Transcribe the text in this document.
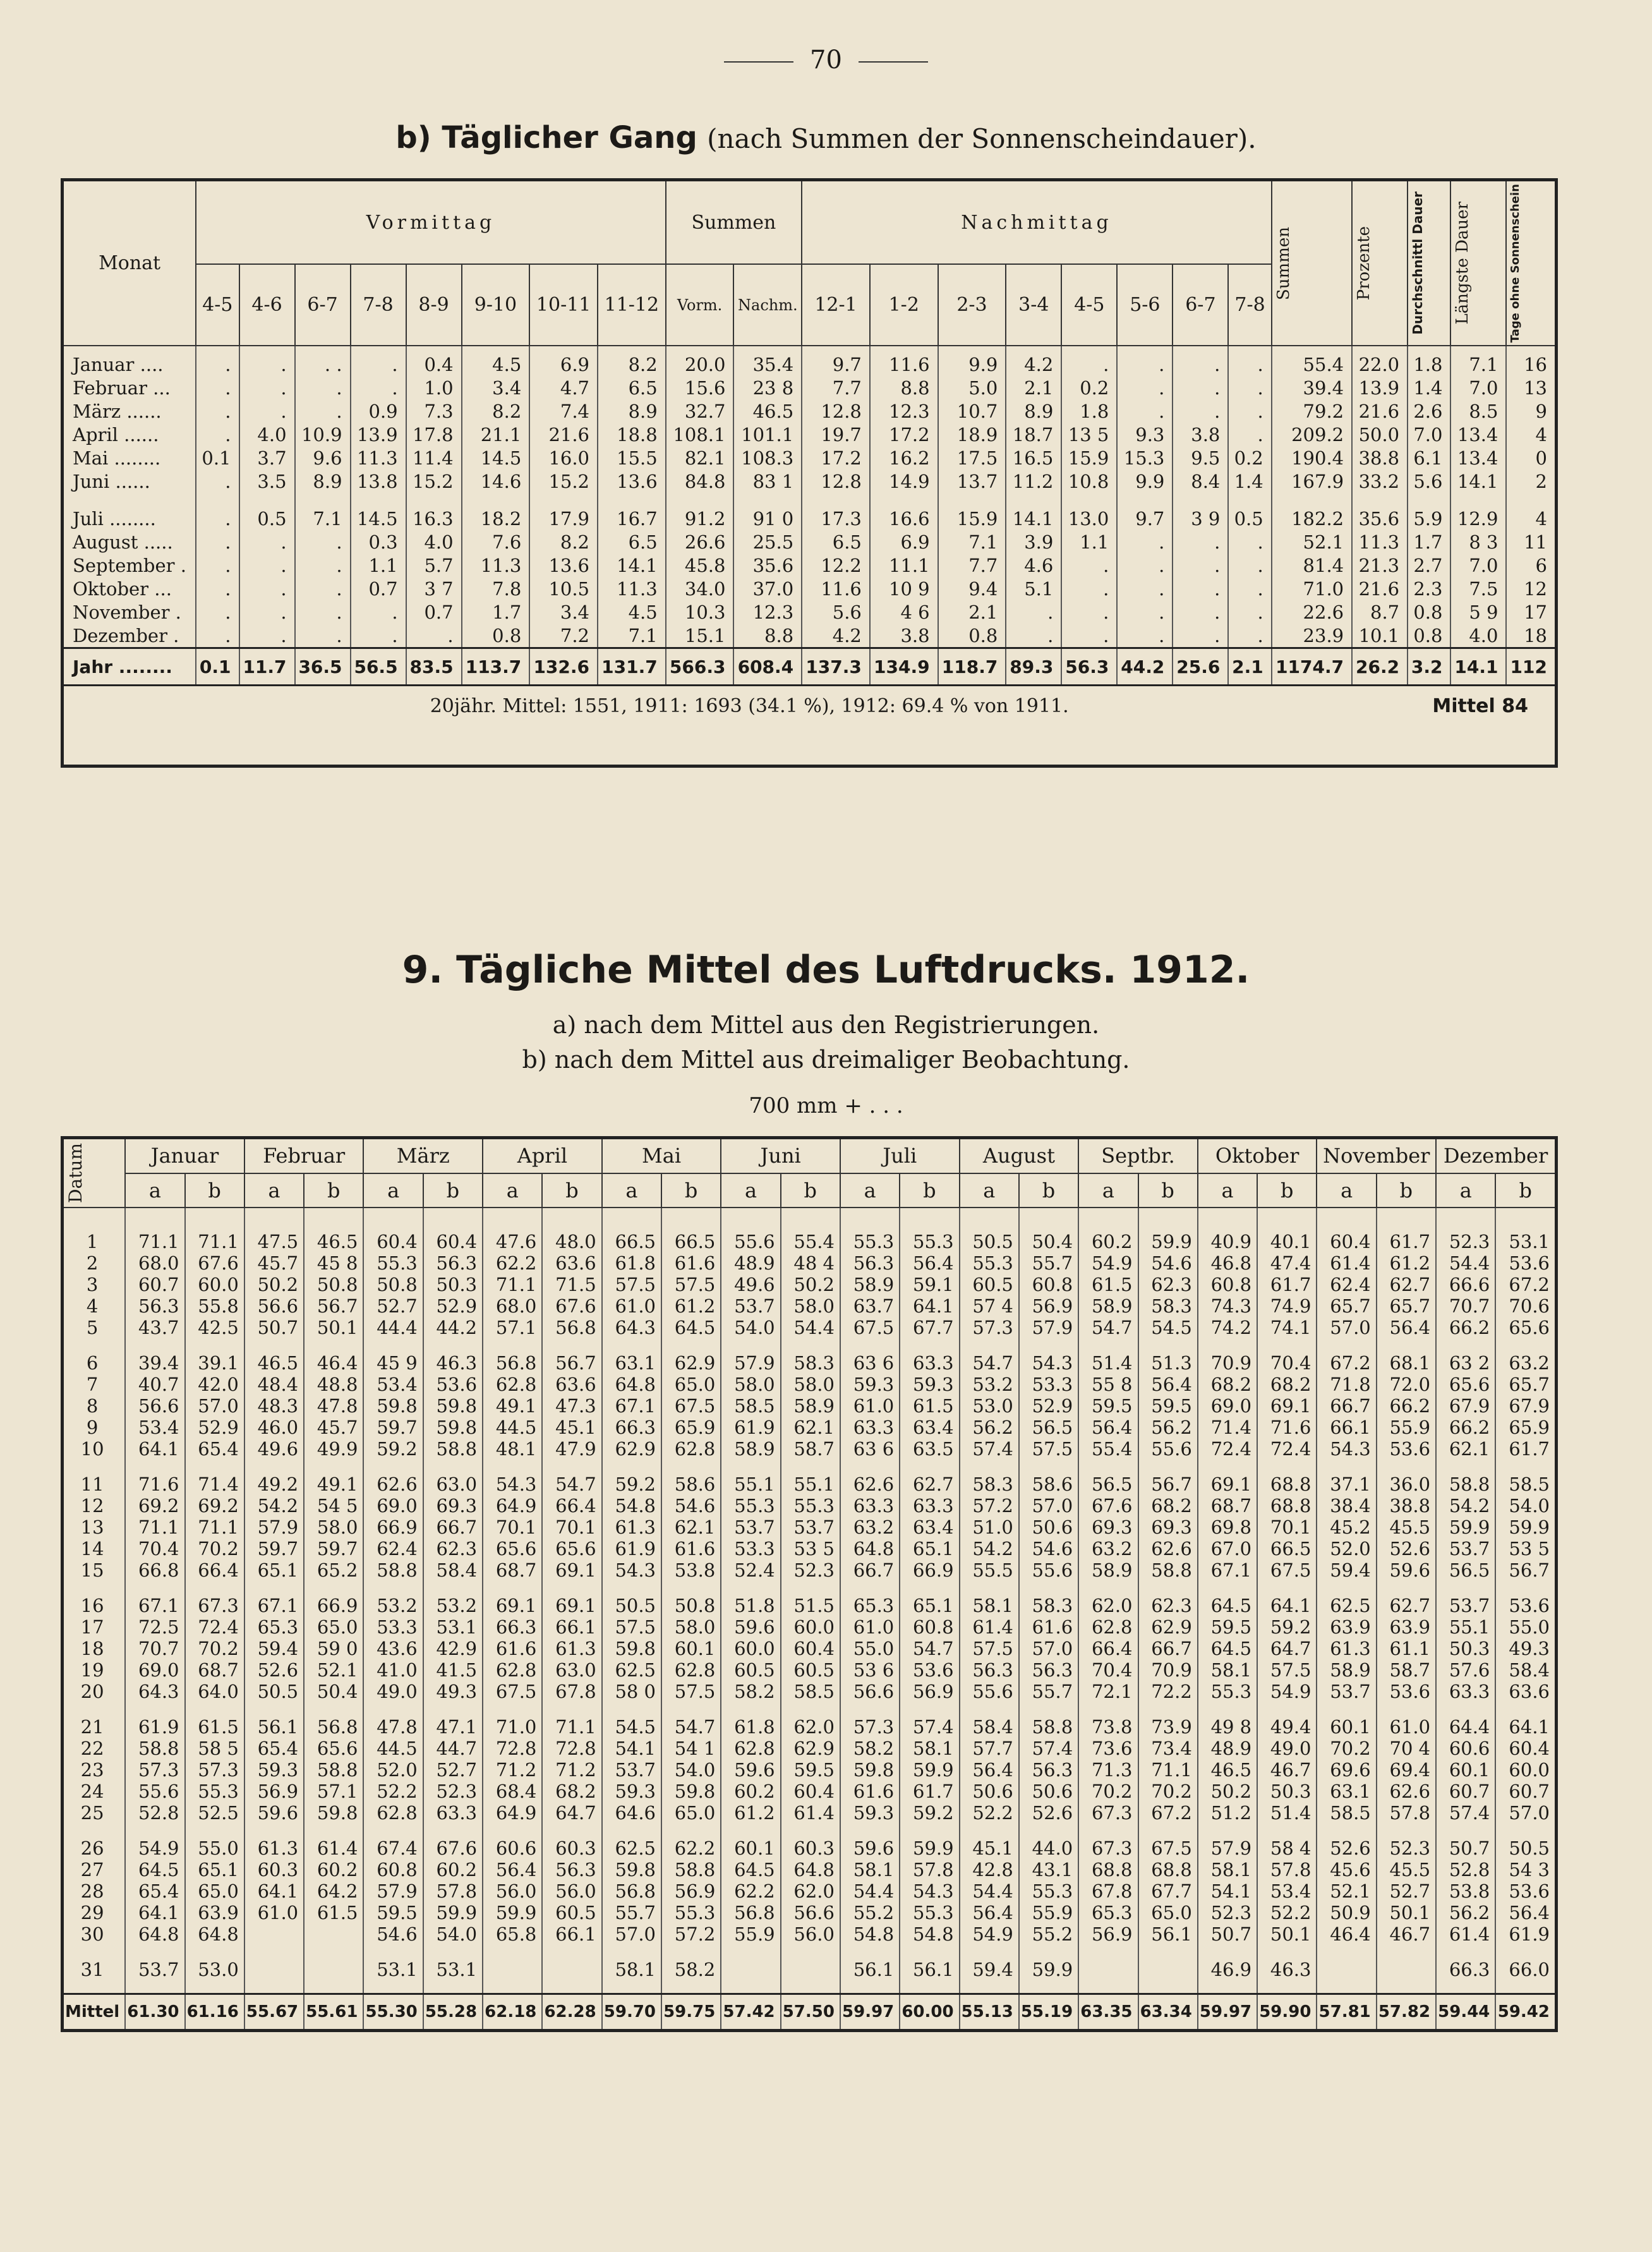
70
b) Täglicher Gang (nach Summen der Sonnenscheindauer).
Monat	Vormittag								Summen		Nachmittag								Summen	Prozente	Durchschnittl Dauer	Längste Dauer	Tage ohne Sonnenschein

	4-5	4-6	6-7	7-8	8-9	9-10	10-11	11-12	Vorm.	Nachm.	12-1	1-2	2-3	3-4	4-5	5-6	6-7	7-8					
Januar ....	.	.	. .	.	0.4	4.5	6.9	8.2	20.0	35.4	9.7	11.6	9.9	4.2	.	.	.	.	55.4	22.0	1.8	7.1	16
Februar ...	.	.	.	.	1.0	3.4	4.7	6.5	15.6	23 8	7.7	8.8	5.0	2.1	0.2	.	.	.	39.4	13.9	1.4	7.0	13
März ......	.	.	.	0.9	7.3	8.2	7.4	8.9	32.7	46.5	12.8	12.3	10.7	8.9	1.8	.	.	.	79.2	21.6	2.6	8.5	9
April ......	.	4.0	10.9	13.9	17.8	21.1	21.6	18.8	108.1	101.1	19.7	17.2	18.9	18.7	13 5	9.3	3.8	.	209.2	50.0	7.0	13.4	4
Mai ........	0.1	3.7	9.6	11.3	11.4	14.5	16.0	15.5	82.1	108.3	17.2	16.2	17.5	16.5	15.9	15.3	9.5	0.2	190.4	38.8	6.1	13.4	0
Juni ......	.	3.5	8.9	13.8	15.2	14.6	15.2	13.6	84.8	83 1	12.8	14.9	13.7	11.2	10.8	9.9	8.4	1.4	167.9	33.2	5.6	14.1	2
Juli ........	.	0.5	7.1	14.5	16.3	18.2	17.9	16.7	91.2	91 0	17.3	16.6	15.9	14.1	13.0	9.7	3 9	0.5	182.2	35.6	5.9	12.9	4
August .....	.	.	.	0.3	4.0	7.6	8.2	6.5	26.6	25.5	6.5	6.9	7.1	3.9	1.1	.	.	.	52.1	11.3	1.7	8 3	11
September .	.	.	.	1.1	5.7	11.3	13.6	14.1	45.8	35.6	12.2	11.1	7.7	4.6	.	.	.	.	81.4	21.3	2.7	7.0	6
Oktober ...	.	.	.	0.7	3 7	7.8	10.5	11.3	34.0	37.0	11.6	10 9	9.4	5.1	.	.	.	.	71.0	21.6	2.3	7.5	12
November .	.	.	.	.	0.7	1.7	3.4	4.5	10.3	12.3	5.6	4 6	2.1	.	.	.	.	.	22.6	8.7	0.8	5 9	17
Dezember .	.	.	.	.	.	0.8	7.2	7.1	15.1	8.8	4.2	3.8	0.8	.	.	.	.	.	23.9	10.1	0.8	4.0	18
Jahr ........	0.1	11.7	36.5	56.5	83.5	113.7	132.6	131.7	566.3	608.4	137.3	134.9	118.7	89.3	56.3	44.2	25.6	2.1	1174.7	26.2	3.2	14.1	112

Mittel 84
20jähr. Mittel: 1551, 1911: 1693 (34.1 %), 1912: 69.4 % von 1911.																							
9. Tägliche Mittel des Luftdrucks. 1912.
a) nach dem Mittel aus den Registrierungen.
b) nach dem Mittel aus dreimaliger Beobachtung.
700 mm + . . .
Datum	Januar		Februar		März		April		Mai		Juni		Juli		August		Septbr.		Oktober		November		Dezember	
	a	b	a	b	a	b	a	b	a	b	a	b	a	b	a	b	a	b	a	b	a	b	a	b
1	71.1	71.1	47.5	46.5	60.4	60.4	47.6	48.0	66.5	66.5	55.6	55.4	55.3	55.3	50.5	50.4	60.2	59.9	40.9	40.1	60.4	61.7	52.3	53.1
2	68.0	67.6	45.7	45 8	55.3	56.3	62.2	63.6	61.8	61.6	48.9	48 4	56.3	56.4	55.3	55.7	54.9	54.6	46.8	47.4	61.4	61.2	54.4	53.6
3	60.7	60.0	50.2	50.8	50.8	50.3	71.1	71.5	57.5	57.5	49.6	50.2	58.9	59.1	60.5	60.8	61.5	62.3	60.8	61.7	62.4	62.7	66.6	67.2
4	56.3	55.8	56.6	56.7	52.7	52.9	68.0	67.6	61.0	61.2	53.7	58.0	63.7	64.1	57 4	56.9	58.9	58.3	74.3	74.9	65.7	65.7	70.7	70.6
5	43.7	42.5	50.7	50.1	44.4	44.2	57.1	56.8	64.3	64.5	54.0	54.4	67.5	67.7	57.3	57.9	54.7	54.5	74.2	74.1	57.0	56.4	66.2	65.6
6	39.4	39.1	46.5	46.4	45 9	46.3	56.8	56.7	63.1	62.9	57.9	58.3	63 6	63.3	54.7	54.3	51.4	51.3	70.9	70.4	67.2	68.1	63 2	63.2
7	40.7	42.0	48.4	48.8	53.4	53.6	62.8	63.6	64.8	65.0	58.0	58.0	59.3	59.3	53.2	53.3	55 8	56.4	68.2	68.2	71.8	72.0	65.6	65.7
8	56.6	57.0	48.3	47.8	59.8	59.8	49.1	47.3	67.1	67.5	58.5	58.9	61.0	61.5	53.0	52.9	59.5	59.5	69.0	69.1	66.7	66.2	67.9	67.9
9	53.4	52.9	46.0	45.7	59.7	59.8	44.5	45.1	66.3	65.9	61.9	62.1	63.3	63.4	56.2	56.5	56.4	56.2	71.4	71.6	66.1	55.9	66.2	65.9
10	64.1	65.4	49.6	49.9	59.2	58.8	48.1	47.9	62.9	62.8	58.9	58.7	63 6	63.5	57.4	57.5	55.4	55.6	72.4	72.4	54.3	53.6	62.1	61.7
11	71.6	71.4	49.2	49.1	62.6	63.0	54.3	54.7	59.2	58.6	55.1	55.1	62.6	62.7	58.3	58.6	56.5	56.7	69.1	68.8	37.1	36.0	58.8	58.5
12	69.2	69.2	54.2	54 5	69.0	69.3	64.9	66.4	54.8	54.6	55.3	55.3	63.3	63.3	57.2	57.0	67.6	68.2	68.7	68.8	38.4	38.8	54.2	54.0
13	71.1	71.1	57.9	58.0	66.9	66.7	70.1	70.1	61.3	62.1	53.7	53.7	63.2	63.4	51.0	50.6	69.3	69.3	69.8	70.1	45.2	45.5	59.9	59.9
14	70.4	70.2	59.7	59.7	62.4	62.3	65.6	65.6	61.9	61.6	53.3	53 5	64.8	65.1	54.2	54.6	63.2	62.6	67.0	66.5	52.0	52.6	53.7	53 5
15	66.8	66.4	65.1	65.2	58.8	58.4	68.7	69.1	54.3	53.8	52.4	52.3	66.7	66.9	55.5	55.6	58.9	58.8	67.1	67.5	59.4	59.6	56.5	56.7
16	67.1	67.3	67.1	66.9	53.2	53.2	69.1	69.1	50.5	50.8	51.8	51.5	65.3	65.1	58.1	58.3	62.0	62.3	64.5	64.1	62.5	62.7	53.7	53.6
17	72.5	72.4	65.3	65.0	53.3	53.1	66.3	66.1	57.5	58.0	59.6	60.0	61.0	60.8	61.4	61.6	62.8	62.9	59.5	59.2	63.9	63.9	55.1	55.0
18	70.7	70.2	59.4	59 0	43.6	42.9	61.6	61.3	59.8	60.1	60.0	60.4	55.0	54.7	57.5	57.0	66.4	66.7	64.5	64.7	61.3	61.1	50.3	49.3
19	69.0	68.7	52.6	52.1	41.0	41.5	62.8	63.0	62.5	62.8	60.5	60.5	53 6	53.6	56.3	56.3	70.4	70.9	58.1	57.5	58.9	58.7	57.6	58.4
20	64.3	64.0	50.5	50.4	49.0	49.3	67.5	67.8	58 0	57.5	58.2	58.5	56.6	56.9	55.6	55.7	72.1	72.2	55.3	54.9	53.7	53.6	63.3	63.6
21	61.9	61.5	56.1	56.8	47.8	47.1	71.0	71.1	54.5	54.7	61.8	62.0	57.3	57.4	58.4	58.8	73.8	73.9	49 8	49.4	60.1	61.0	64.4	64.1
22	58.8	58 5	65.4	65.6	44.5	44.7	72.8	72.8	54.1	54 1	62.8	62.9	58.2	58.1	57.7	57.4	73.6	73.4	48.9	49.0	70.2	70 4	60.6	60.4
23	57.3	57.3	59.3	58.8	52.0	52.7	71.2	71.2	53.7	54.0	59.6	59.5	59.8	59.9	56.4	56.3	71.3	71.1	46.5	46.7	69.6	69.4	60.1	60.0
24	55.6	55.3	56.9	57.1	52.2	52.3	68.4	68.2	59.3	59.8	60.2	60.4	61.6	61.7	50.6	50.6	70.2	70.2	50.2	50.3	63.1	62.6	60.7	60.7
25	52.8	52.5	59.6	59.8	62.8	63.3	64.9	64.7	64.6	65.0	61.2	61.4	59.3	59.2	52.2	52.6	67.3	67.2	51.2	51.4	58.5	57.8	57.4	57.0
26	54.9	55.0	61.3	61.4	67.4	67.6	60.6	60.3	62.5	62.2	60.1	60.3	59.6	59.9	45.1	44.0	67.3	67.5	57.9	58 4	52.6	52.3	50.7	50.5
27	64.5	65.1	60.3	60.2	60.8	60.2	56.4	56.3	59.8	58.8	64.5	64.8	58.1	57.8	42.8	43.1	68.8	68.8	58.1	57.8	45.6	45.5	52.8	54 3
28	65.4	65.0	64.1	64.2	57.9	57.8	56.0	56.0	56.8	56.9	62.2	62.0	54.4	54.3	54.4	55.3	67.8	67.7	54.1	53.4	52.1	52.7	53.8	53.6
29	64.1	63.9	61.0	61.5	59.5	59.9	59.9	60.5	55.7	55.3	56.8	56.6	55.2	55.3	56.4	55.9	65.3	65.0	52.3	52.2	50.9	50.1	56.2	56.4
30	64.8	64.8			54.6	54.0	65.8	66.1	57.0	57.2	55.9	56.0	54.8	54.8	54.9	55.2	56.9	56.1	50.7	50.1	46.4	46.7	61.4	61.9
31	53.7	53.0			53.1	53.1			58.1	58.2			56.1	56.1	59.4	59.9			46.9	46.3			66.3	66.0
Mittel	61.30	61.16	55.67	55.61	55.30	55.28	62.18	62.28	59.70	59.75	57.42	57.50	59.97	60.00	55.13	55.19	63.35	63.34	59.97	59.90	57.81	57.82	59.44	59.42
